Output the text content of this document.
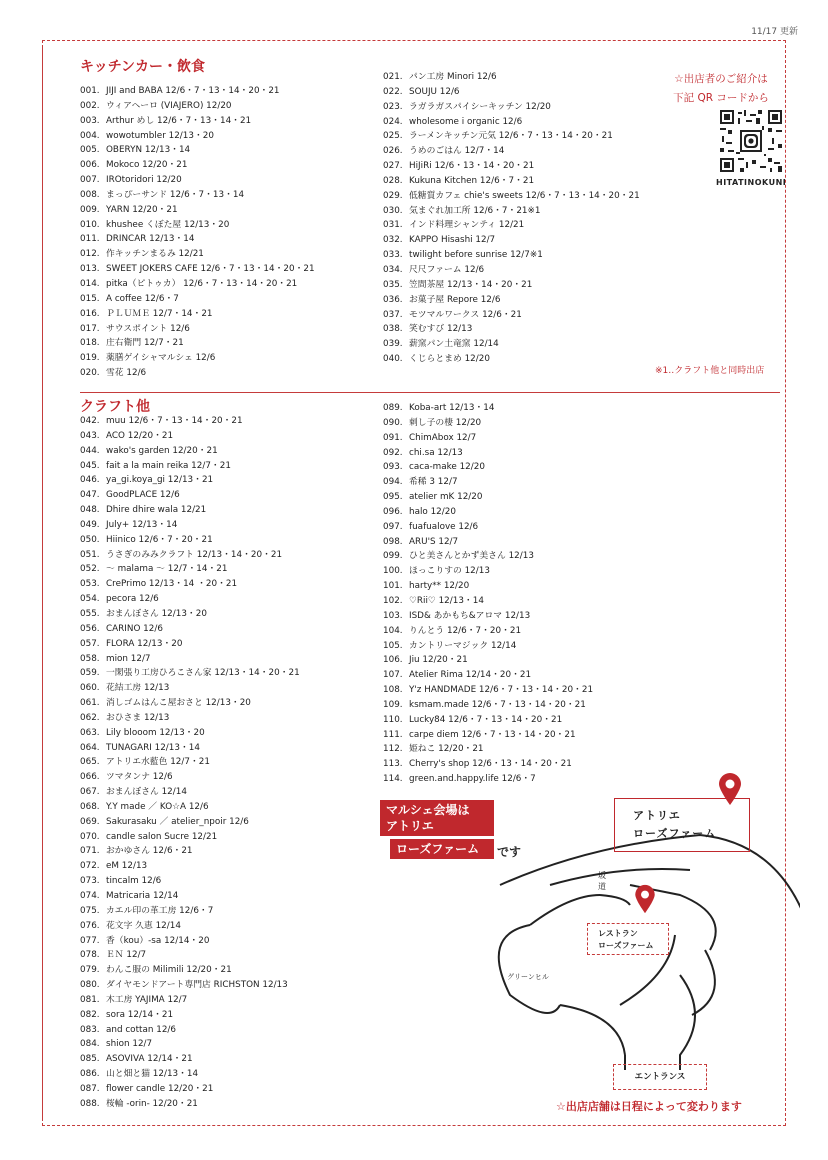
11/17 更新
キッチンカー・飲食
001. JIJI and BABA 12/6・7・13・14・20・21
002. ウィアヘーロ (VIAJERO) 12/20
003. Arthur めし 12/6・7・13・14・21
004. wowotumbler 12/13・20
005. OBERYN 12/13・14
006. Mokoco 12/20・21
007. IROtoridori 12/20
008. まっぴーサンド 12/6・7・13・14
009. YARN 12/20・21
010. khushee くぼた屋 12/13・20
011. DRINCAR 12/13・14
012. 作キッチンまるみ 12/21
013. SWEET JOKERS CAFE 12/6・7・13・14・20・21
014. pitka（ピトゥカ） 12/6・7・13・14・20・21
015. A coffee 12/6・7
016. ＰＬＵＭＥ 12/7・14・21
017. サウスポイント 12/6
018. 庄右衛門 12/7・21
019. 薬膳ゲイシャマルシェ 12/6
020. 雪花 12/6
021. パン工房 Minori 12/6
022. SOUJU 12/6
023. ラガラガスパイシーキッチン 12/20
024. wholesome i organic 12/6
025. ラーメンキッチン元気 12/6・7・13・14・20・21
026. うめのごはん 12/7・14
027. HiJiRi 12/6・13・14・20・21
028. Kukuna Kitchen 12/6・7・21
029. 低糖質カフェ chie's sweets 12/6・7・13・14・20・21
030. 気まぐれ加工所 12/6・7・21※1
031. インド料理シャンティ 12/21
032. KAPPO Hisashi 12/7
033. twilight before sunrise 12/7※1
034. 尺尺ファーム 12/6
035. 笠間茶屋 12/13・14・20・21
036. お菓子屋 Repore 12/6
037. モツマルワークス 12/6・21
038. 笑むすび 12/13
039. 薪窯パン土竜窯 12/14
040. くじらとまめ 12/20
☆出店者のご紹介は
下記 QR コードから
HITATINOKUNI
※1‥クラフト他と同時出店
クラフト他
042. muu 12/6・7・13・14・20・21
043. ACO 12/20・21
044. wako's garden 12/20・21
045. fait a la main reika 12/7・21
046. ya_gi.koya_gi 12/13・21
047. GoodPLACE 12/6
048. Dhire dhire wala 12/21
049. July+ 12/13・14
050. Hiinico 12/6・7・20・21
051. うさぎのみみクラフト 12/13・14・20・21
052. ～ malama ～ 12/7・14・21
053. CrePrimo 12/13・14 ・20・21
054. pecora 12/6
055. おまんぼさん 12/13・20
056. CARINO 12/6
057. FLORA 12/13・20
058. mion 12/7
059. 一閑張り工房ひろこさん家 12/13・14・20・21
060. 花結工房 12/13
061. 消しゴムはんこ屋おさと 12/13・20
062. おひさま 12/13
063. Lily blooom 12/13・20
064. TUNAGARI 12/13・14
065. アトリエ水藍色 12/7・21
066. ツマタンナ 12/6
067. おまんぼさん 12/14
068. Y.Y made ／ KO☆A 12/6
069. Sakurasaku ／ atelier_npoir 12/6
070. candle salon Sucre 12/21
071. おかゆさん 12/6・21
072. eM 12/13
073. tincalm 12/6
074. Matricaria 12/14
075. カエル印の革工房 12/6・7
076. 花文字 久恵 12/14
077. 香（kou）-sa 12/14・20
078. ＥＮ 12/7
079. わんこ服の Milimili 12/20・21
080. ダイヤモンドアート専門店 RICHSTON 12/13
081. 木工房 YAJIMA 12/7
082. sora 12/14・21
083. and cottan 12/6
084. shion 12/7
085. ASOVIVA 12/14・21
086. 山と畑と猫 12/13・14
087. flower candle 12/20・21
088. 桜輪 -orin- 12/20・21
089. Koba-art 12/13・14
090. 刺し子の棲 12/20
091. ChimAbox 12/7
092. chi.sa 12/13
093. caca-make 12/20
094. 希稀 3 12/7
095. atelier mK 12/20
096. halo 12/20
097. fuafualove 12/6
098. ARU'S 12/7
099. ひと美さんとかず美さん 12/13
100. ほっこりすの 12/13
101. harty** 12/20
102. ♡Rii♡ 12/13・14
103. ISD& あかもち&アロマ 12/13
104. りんとう 12/6・7・20・21
105. カントリーマジック 12/14
106. Jiu 12/20・21
107. Atelier Rima 12/14・20・21
108. Y'z HANDMADE 12/6・7・13・14・20・21
109. ksmam.made 12/6・7・13・14・20・21
110. Lucky84 12/6・7・13・14・20・21
111. carpe diem 12/6・7・13・14・20・21
112. 姫ねこ 12/20・21
113. Cherry's shop 12/6・13・14・20・21
114. green.and.happy.life 12/6・7
マルシェ会場は
アトリエ
ローズファーム	です
アトリエ
ローズファーム
坂道
レストラン
ローズファーム
グリーンヒル
エントランス
☆出店店舗は日程によって変わります
